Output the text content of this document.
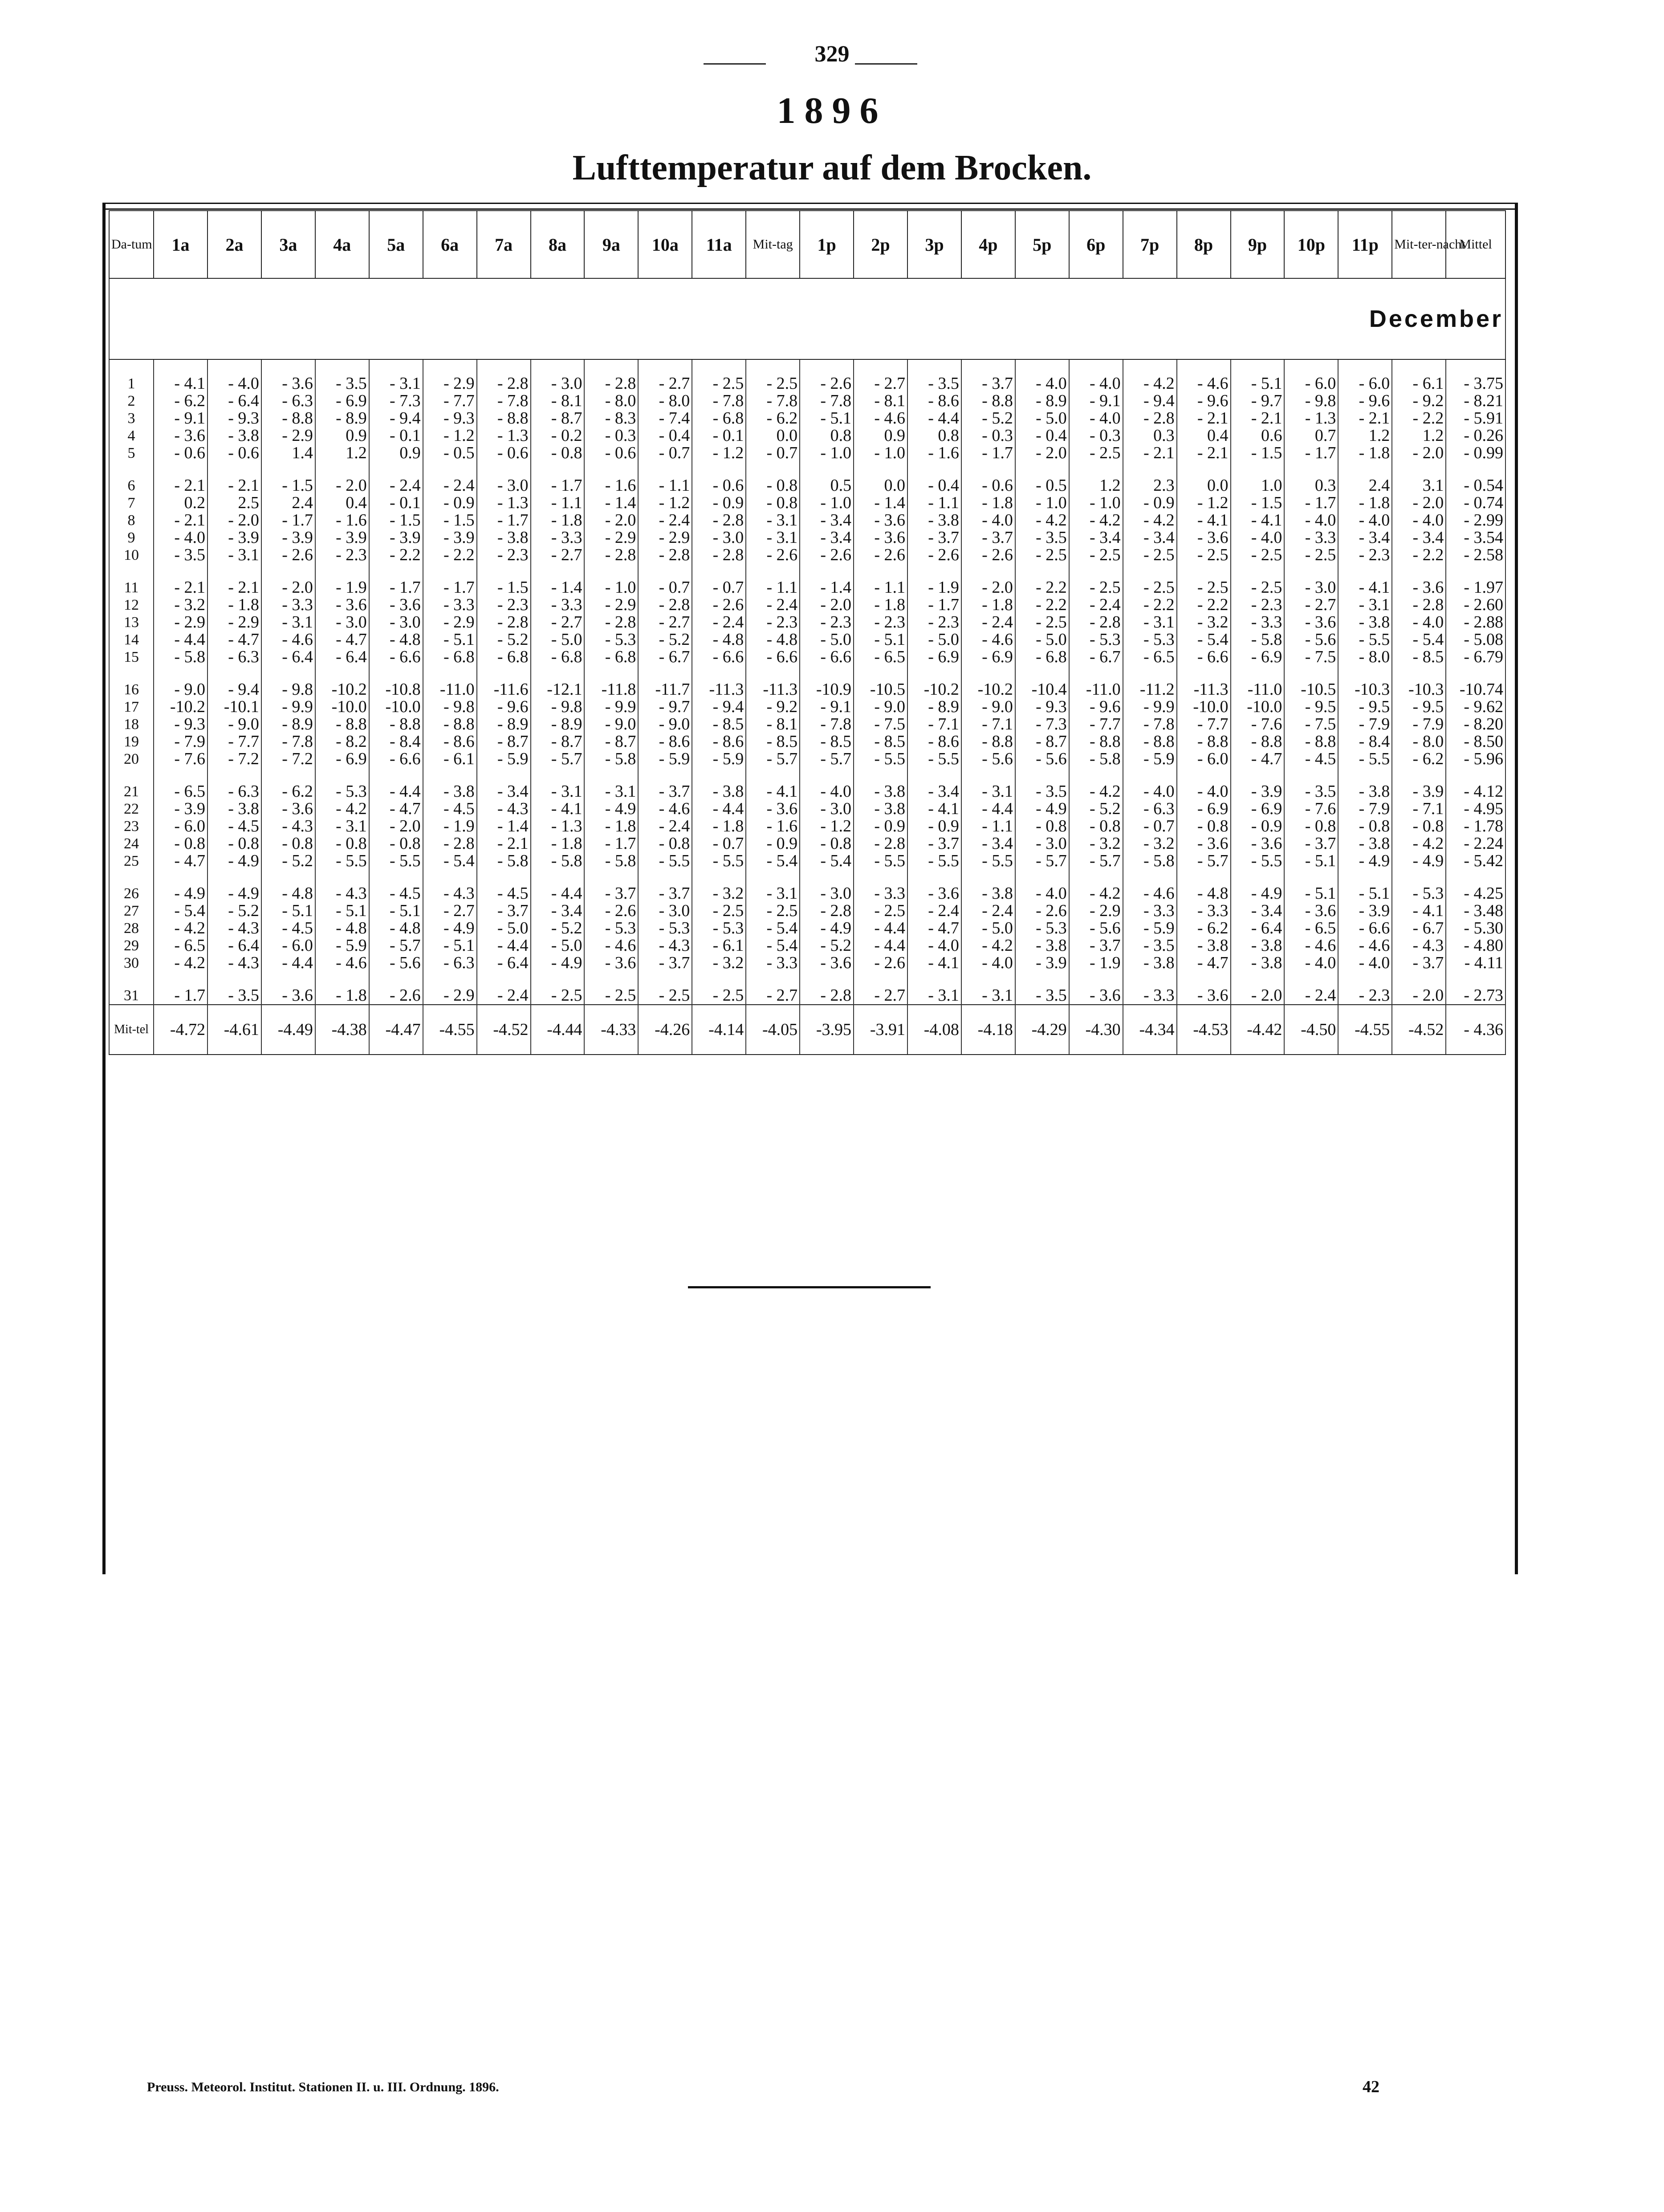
329
1896
Lufttemperatur auf dem Brocken.
Da-tum	1a	2a	3a	4a	5a	6a	7a	8a	9a	10a	11a	Mit-tag	1p	2p	3p	4p	5p	6p	7p	8p	9p	10p	11p	Mit-ter-nacht	Mittel
December																									
1	- 4.1	- 4.0	- 3.6	- 3.5	- 3.1	- 2.9	- 2.8	- 3.0	- 2.8	- 2.7	- 2.5	- 2.5	- 2.6	- 2.7	- 3.5	- 3.7	- 4.0	- 4.0	- 4.2	- 4.6	- 5.1	- 6.0	- 6.0	- 6.1	- 3.75
2	- 6.2	- 6.4	- 6.3	- 6.9	- 7.3	- 7.7	- 7.8	- 8.1	- 8.0	- 8.0	- 7.8	- 7.8	- 7.8	- 8.1	- 8.6	- 8.8	- 8.9	- 9.1	- 9.4	- 9.6	- 9.7	- 9.8	- 9.6	- 9.2	- 8.21
3	- 9.1	- 9.3	- 8.8	- 8.9	- 9.4	- 9.3	- 8.8	- 8.7	- 8.3	- 7.4	- 6.8	- 6.2	- 5.1	- 4.6	- 4.4	- 5.2	- 5.0	- 4.0	- 2.8	- 2.1	- 2.1	- 1.3	- 2.1	- 2.2	- 5.91
4	- 3.6	- 3.8	- 2.9	0.9	- 0.1	- 1.2	- 1.3	- 0.2	- 0.3	- 0.4	- 0.1	0.0	0.8	0.9	0.8	- 0.3	- 0.4	- 0.3	0.3	0.4	0.6	0.7	1.2	1.2	- 0.26
5	- 0.6	- 0.6	1.4	1.2	0.9	- 0.5	- 0.6	- 0.8	- 0.6	- 0.7	- 1.2	- 0.7	- 1.0	- 1.0	- 1.6	- 1.7	- 2.0	- 2.5	- 2.1	- 2.1	- 1.5	- 1.7	- 1.8	- 2.0	- 0.99
6	- 2.1	- 2.1	- 1.5	- 2.0	- 2.4	- 2.4	- 3.0	- 1.7	- 1.6	- 1.1	- 0.6	- 0.8	0.5	0.0	- 0.4	- 0.6	- 0.5	1.2	2.3	0.0	1.0	0.3	2.4	3.1	- 0.54
7	0.2	2.5	2.4	0.4	- 0.1	- 0.9	- 1.3	- 1.1	- 1.4	- 1.2	- 0.9	- 0.8	- 1.0	- 1.4	- 1.1	- 1.8	- 1.0	- 1.0	- 0.9	- 1.2	- 1.5	- 1.7	- 1.8	- 2.0	- 0.74
8	- 2.1	- 2.0	- 1.7	- 1.6	- 1.5	- 1.5	- 1.7	- 1.8	- 2.0	- 2.4	- 2.8	- 3.1	- 3.4	- 3.6	- 3.8	- 4.0	- 4.2	- 4.2	- 4.2	- 4.1	- 4.1	- 4.0	- 4.0	- 4.0	- 2.99
9	- 4.0	- 3.9	- 3.9	- 3.9	- 3.9	- 3.9	- 3.8	- 3.3	- 2.9	- 2.9	- 3.0	- 3.1	- 3.4	- 3.6	- 3.7	- 3.7	- 3.5	- 3.4	- 3.4	- 3.6	- 4.0	- 3.3	- 3.4	- 3.4	- 3.54
10	- 3.5	- 3.1	- 2.6	- 2.3	- 2.2	- 2.2	- 2.3	- 2.7	- 2.8	- 2.8	- 2.8	- 2.6	- 2.6	- 2.6	- 2.6	- 2.6	- 2.5	- 2.5	- 2.5	- 2.5	- 2.5	- 2.5	- 2.3	- 2.2	- 2.58
11	- 2.1	- 2.1	- 2.0	- 1.9	- 1.7	- 1.7	- 1.5	- 1.4	- 1.0	- 0.7	- 0.7	- 1.1	- 1.4	- 1.1	- 1.9	- 2.0	- 2.2	- 2.5	- 2.5	- 2.5	- 2.5	- 3.0	- 4.1	- 3.6	- 1.97
12	- 3.2	- 1.8	- 3.3	- 3.6	- 3.6	- 3.3	- 2.3	- 3.3	- 2.9	- 2.8	- 2.6	- 2.4	- 2.0	- 1.8	- 1.7	- 1.8	- 2.2	- 2.4	- 2.2	- 2.2	- 2.3	- 2.7	- 3.1	- 2.8	- 2.60
13	- 2.9	- 2.9	- 3.1	- 3.0	- 3.0	- 2.9	- 2.8	- 2.7	- 2.8	- 2.7	- 2.4	- 2.3	- 2.3	- 2.3	- 2.3	- 2.4	- 2.5	- 2.8	- 3.1	- 3.2	- 3.3	- 3.6	- 3.8	- 4.0	- 2.88
14	- 4.4	- 4.7	- 4.6	- 4.7	- 4.8	- 5.1	- 5.2	- 5.0	- 5.3	- 5.2	- 4.8	- 4.8	- 5.0	- 5.1	- 5.0	- 4.6	- 5.0	- 5.3	- 5.3	- 5.4	- 5.8	- 5.6	- 5.5	- 5.4	- 5.08
15	- 5.8	- 6.3	- 6.4	- 6.4	- 6.6	- 6.8	- 6.8	- 6.8	- 6.8	- 6.7	- 6.6	- 6.6	- 6.6	- 6.5	- 6.9	- 6.9	- 6.8	- 6.7	- 6.5	- 6.6	- 6.9	- 7.5	- 8.0	- 8.5	- 6.79
16	- 9.0	- 9.4	- 9.8	-10.2	-10.8	-11.0	-11.6	-12.1	-11.8	-11.7	-11.3	-11.3	-10.9	-10.5	-10.2	-10.2	-10.4	-11.0	-11.2	-11.3	-11.0	-10.5	-10.3	-10.3	-10.74
17	-10.2	-10.1	- 9.9	-10.0	-10.0	- 9.8	- 9.6	- 9.8	- 9.9	- 9.7	- 9.4	- 9.2	- 9.1	- 9.0	- 8.9	- 9.0	- 9.3	- 9.6	- 9.9	-10.0	-10.0	- 9.5	- 9.5	- 9.5	- 9.62
18	- 9.3	- 9.0	- 8.9	- 8.8	- 8.8	- 8.8	- 8.9	- 8.9	- 9.0	- 9.0	- 8.5	- 8.1	- 7.8	- 7.5	- 7.1	- 7.1	- 7.3	- 7.7	- 7.8	- 7.7	- 7.6	- 7.5	- 7.9	- 7.9	- 8.20
19	- 7.9	- 7.7	- 7.8	- 8.2	- 8.4	- 8.6	- 8.7	- 8.7	- 8.7	- 8.6	- 8.6	- 8.5	- 8.5	- 8.5	- 8.6	- 8.8	- 8.7	- 8.8	- 8.8	- 8.8	- 8.8	- 8.8	- 8.4	- 8.0	- 8.50
20	- 7.6	- 7.2	- 7.2	- 6.9	- 6.6	- 6.1	- 5.9	- 5.7	- 5.8	- 5.9	- 5.9	- 5.7	- 5.7	- 5.5	- 5.5	- 5.6	- 5.6	- 5.8	- 5.9	- 6.0	- 4.7	- 4.5	- 5.5	- 6.2	- 5.96
21	- 6.5	- 6.3	- 6.2	- 5.3	- 4.4	- 3.8	- 3.4	- 3.1	- 3.1	- 3.7	- 3.8	- 4.1	- 4.0	- 3.8	- 3.4	- 3.1	- 3.5	- 4.2	- 4.0	- 4.0	- 3.9	- 3.5	- 3.8	- 3.9	- 4.12
22	- 3.9	- 3.8	- 3.6	- 4.2	- 4.7	- 4.5	- 4.3	- 4.1	- 4.9	- 4.6	- 4.4	- 3.6	- 3.0	- 3.8	- 4.1	- 4.4	- 4.9	- 5.2	- 6.3	- 6.9	- 6.9	- 7.6	- 7.9	- 7.1	- 4.95
23	- 6.0	- 4.5	- 4.3	- 3.1	- 2.0	- 1.9	- 1.4	- 1.3	- 1.8	- 2.4	- 1.8	- 1.6	- 1.2	- 0.9	- 0.9	- 1.1	- 0.8	- 0.8	- 0.7	- 0.8	- 0.9	- 0.8	- 0.8	- 0.8	- 1.78
24	- 0.8	- 0.8	- 0.8	- 0.8	- 0.8	- 2.8	- 2.1	- 1.8	- 1.7	- 0.8	- 0.7	- 0.9	- 0.8	- 2.8	- 3.7	- 3.4	- 3.0	- 3.2	- 3.2	- 3.6	- 3.6	- 3.7	- 3.8	- 4.2	- 2.24
25	- 4.7	- 4.9	- 5.2	- 5.5	- 5.5	- 5.4	- 5.8	- 5.8	- 5.8	- 5.5	- 5.5	- 5.4	- 5.4	- 5.5	- 5.5	- 5.5	- 5.7	- 5.7	- 5.8	- 5.7	- 5.5	- 5.1	- 4.9	- 4.9	- 5.42
26	- 4.9	- 4.9	- 4.8	- 4.3	- 4.5	- 4.3	- 4.5	- 4.4	- 3.7	- 3.7	- 3.2	- 3.1	- 3.0	- 3.3	- 3.6	- 3.8	- 4.0	- 4.2	- 4.6	- 4.8	- 4.9	- 5.1	- 5.1	- 5.3	- 4.25
27	- 5.4	- 5.2	- 5.1	- 5.1	- 5.1	- 2.7	- 3.7	- 3.4	- 2.6	- 3.0	- 2.5	- 2.5	- 2.8	- 2.5	- 2.4	- 2.4	- 2.6	- 2.9	- 3.3	- 3.3	- 3.4	- 3.6	- 3.9	- 4.1	- 3.48
28	- 4.2	- 4.3	- 4.5	- 4.8	- 4.8	- 4.9	- 5.0	- 5.2	- 5.3	- 5.3	- 5.3	- 5.4	- 4.9	- 4.4	- 4.7	- 5.0	- 5.3	- 5.6	- 5.9	- 6.2	- 6.4	- 6.5	- 6.6	- 6.7	- 5.30
29	- 6.5	- 6.4	- 6.0	- 5.9	- 5.7	- 5.1	- 4.4	- 5.0	- 4.6	- 4.3	- 6.1	- 5.4	- 5.2	- 4.4	- 4.0	- 4.2	- 3.8	- 3.7	- 3.5	- 3.8	- 3.8	- 4.6	- 4.6	- 4.3	- 4.80
30	- 4.2	- 4.3	- 4.4	- 4.6	- 5.6	- 6.3	- 6.4	- 4.9	- 3.6	- 3.7	- 3.2	- 3.3	- 3.6	- 2.6	- 4.1	- 4.0	- 3.9	- 1.9	- 3.8	- 4.7	- 3.8	- 4.0	- 4.0	- 3.7	- 4.11
31	- 1.7	- 3.5	- 3.6	- 1.8	- 2.6	- 2.9	- 2.4	- 2.5	- 2.5	- 2.5	- 2.5	- 2.7	- 2.8	- 2.7	- 3.1	- 3.1	- 3.5	- 3.6	- 3.3	- 3.6	- 2.0	- 2.4	- 2.3	- 2.0	- 2.73
Mit-tel	-4.72	-4.61	-4.49	-4.38	-4.47	-4.55	-4.52	-4.44	-4.33	-4.26	-4.14	-4.05	-3.95	-3.91	-4.08	-4.18	-4.29	-4.30	-4.34	-4.53	-4.42	-4.50	-4.55	-4.52	- 4.36
Preuss. Meteorol. Institut. Stationen II. u. III. Ordnung. 1896.	42
